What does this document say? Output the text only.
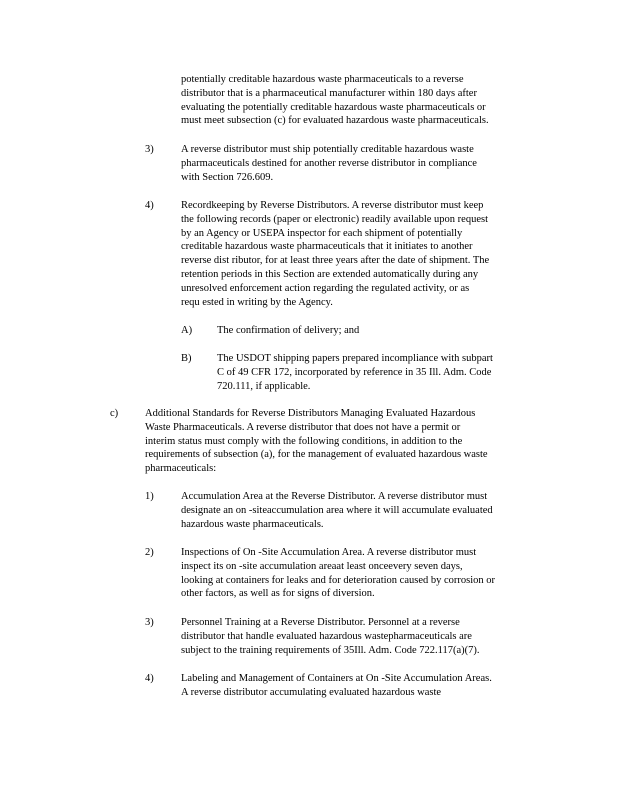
potentially creditable hazardous waste pharmaceuticals to a reverse
distributor that is a pharmaceutical manufacturer within 180 days after
evaluating the potentially creditable hazardous waste pharmaceuticals or
must meet subsection (c) for evaluated hazardous waste pharmaceuticals.
3)	A reverse distributor must ship potentially creditable hazardous waste
pharmaceuticals destined for another reverse distributor in compliance
with Section 726.609.
4)	Recordkeeping by Reverse Distributors. A reverse distributor must keep
the following records (paper or electronic) readily available upon request
by an Agency or USEPA inspector for each shipment of potentially
creditable hazardous waste pharmaceuticals that it initiates to another
reverse dist ributor, for at least three years after the date of shipment. The
retention periods in this Section are extended automatically during any
unresolved enforcement action regarding the regulated activity, or as
requ ested in writing by the Agency.
A) The confirmation of delivery; and
B) The USDOT shipping papers prepared incompliance with subpart
C of 49 CFR 172, incorporated by reference in 35 Ill. Adm. Code
720.111, if applicable.
c)	Additional Standards for Reverse Distributors Managing Evaluated Hazardous
Waste Pharmaceuticals. A reverse distributor that does not have a permit or
interim status must comply with the following conditions, in addition to the
requirements of subsection (a), for the management of evaluated hazardous waste
pharmaceuticals:
1)	Accumulation Area at the Reverse Distributor. A reverse distributor must
designate an on -siteaccumulation area where it will accumulate evaluated
hazardous waste pharmaceuticals.
2)	Inspections of On -Site Accumulation Area. A reverse distributor must
inspect its on -site accumulation areaat least onceevery seven days,
looking at containers for leaks and for deterioration caused by corrosion or
other factors, as well as for signs of diversion.
3)	Personnel Training at a Reverse Distributor. Personnel at a reverse
distributor that handle evaluated hazardous wastepharmaceuticals are
subject to the training requirements of 35Ill. Adm. Code 722.117(a)(7).
4)	Labeling and Management of Containers at On -Site Accumulation Areas.
A reverse distributor accumulating evaluated hazardous waste
